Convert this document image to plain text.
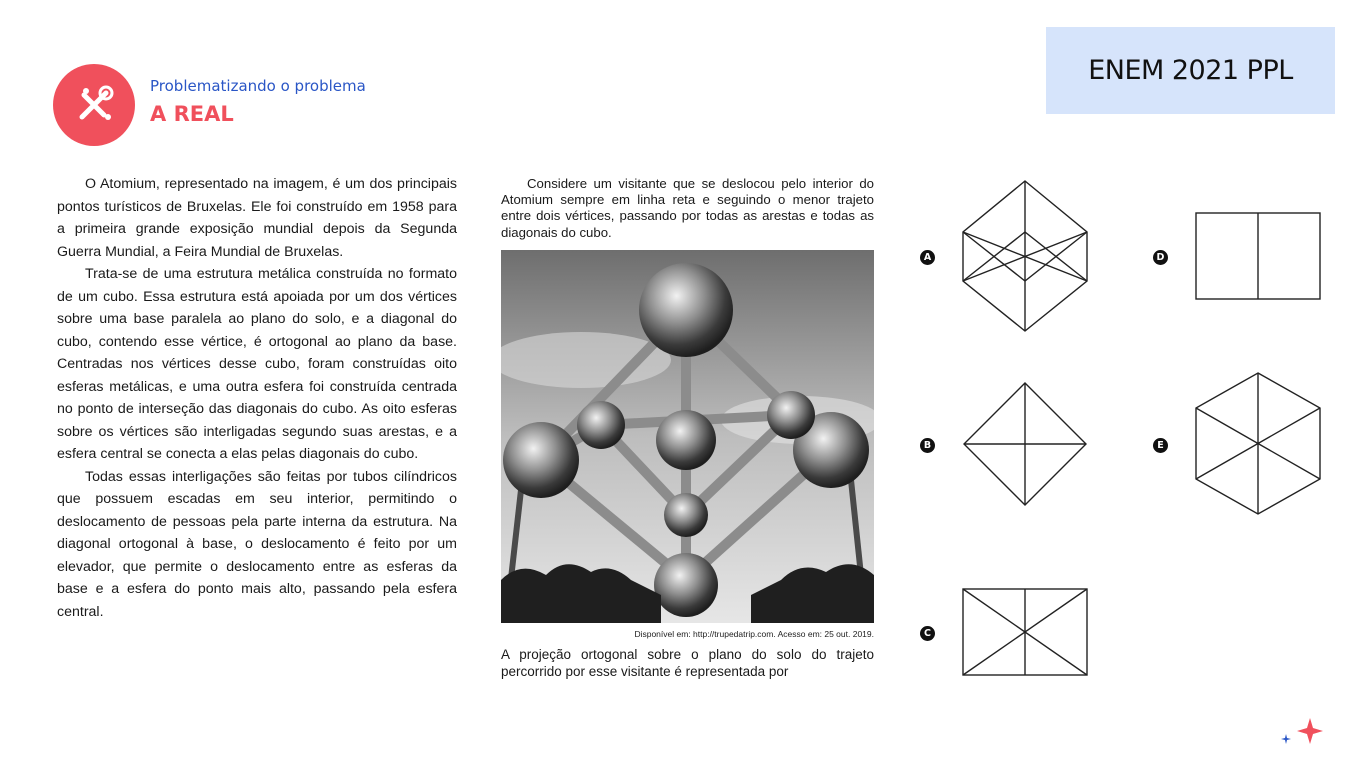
Problematizando o problema
A REAL
ENEM 2021 PPL

O Atomium, representado na imagem, é um dos principais pontos turísticos de Bruxelas. Ele foi construído em 1958 para a primeira grande exposição mundial depois da Segunda Guerra Mundial, a Feira Mundial de Bruxelas.

Trata-se de uma estrutura metálica construída no formato de um cubo. Essa estrutura está apoiada por um dos vértices sobre uma base paralela ao plano do solo, e a diagonal do cubo, contendo esse vértice, é ortogonal ao plano da base. Centradas nos vértices desse cubo, foram construídas oito esferas metálicas, e uma outra esfera foi construída centrada no ponto de interseção das diagonais do cubo. As oito esferas sobre os vértices são interligadas segundo suas arestas, e a esfera central se conecta a elas pelas diagonais do cubo.

Todas essas interligações são feitas por tubos cilíndricos que possuem escadas em seu interior, permitindo o deslocamento de pessoas pela parte interna da estrutura. Na diagonal ortogonal à base, o deslocamento é feito por um elevador, que permite o deslocamento entre as esferas da base e a esfera do ponto mais alto, passando pela esfera central.

Considere um visitante que se deslocou pelo interior do Atomium sempre em linha reta e seguindo o menor trajeto entre dois vértices, passando por todas as arestas e todas as diagonais do cubo.
Disponível em: http://trupedatrip.com. Acesso em: 25 out. 2019.
A projeção ortogonal sobre o plano do solo do trajeto percorrido por esse visitante é representada por
A
B
C
D
E
